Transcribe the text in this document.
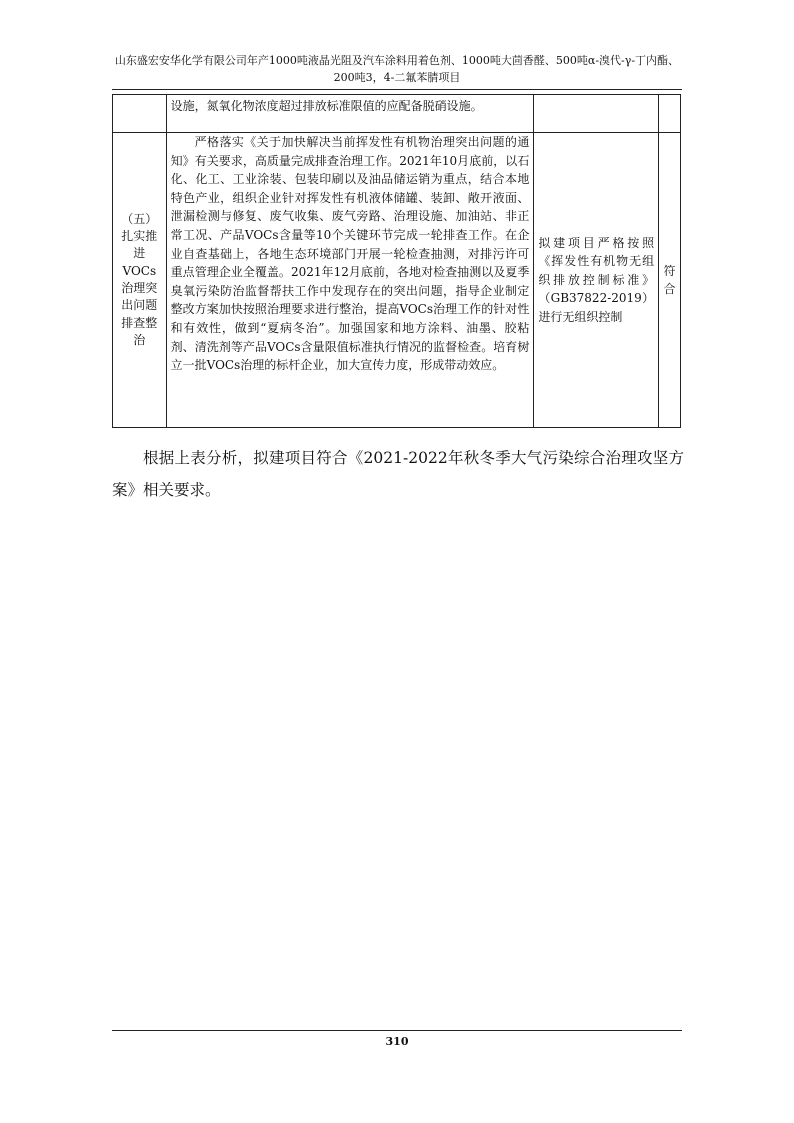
山东盛宏安华化学有限公司年产1000吨液晶光阻及汽车涂料用着色剂、1000吨大茴香醛、500吨α-溴代-γ-丁内酯、200吨3，4-二氟苯腈项目

	设施，氮氧化物浓度超过排放标准限值的应配备脱硝设施。		

（五）扎实推进VOCs治理突出问题排查整治	严格落实《关于加快解决当前挥发性有机物治理突出问题的通知》有关要求，高质量完成排查治理工作。2021年10月底前，以石化、化工、工业涂装、包装印刷以及油品储运销为重点，结合本地特色产业，组织企业针对挥发性有机液体储罐、装卸、敞开液面、泄漏检测与修复、废气收集、废气旁路、治理设施、加油站、非正常工况、产品VOCs含量等10个关键环节完成一轮排查工作。在企业自查基础上，各地生态环境部门开展一轮检查抽测，对排污许可重点管理企业全覆盖。2021年12月底前，各地对检查抽测以及夏季臭氧污染防治监督帮扶工作中发现存在的突出问题，指导企业制定整改方案加快按照治理要求进行整治，提高VOCs治理工作的针对性和有效性，做到“夏病冬治”。加强国家和地方涂料、油墨、胶粘剂、清洗剂等产品VOCs含量限值标准执行情况的监督检查。培育树立一批VOCs治理的标杆企业，加大宣传力度，形成带动效应。	拟建项目严格按照《挥发性有机物无组织排放控制标准》（GB37822-2019）进行无组织控制	符合
根据上表分析，拟建项目符合《2021-2022年秋冬季大气污染综合治理攻坚方案》相关要求。
310
